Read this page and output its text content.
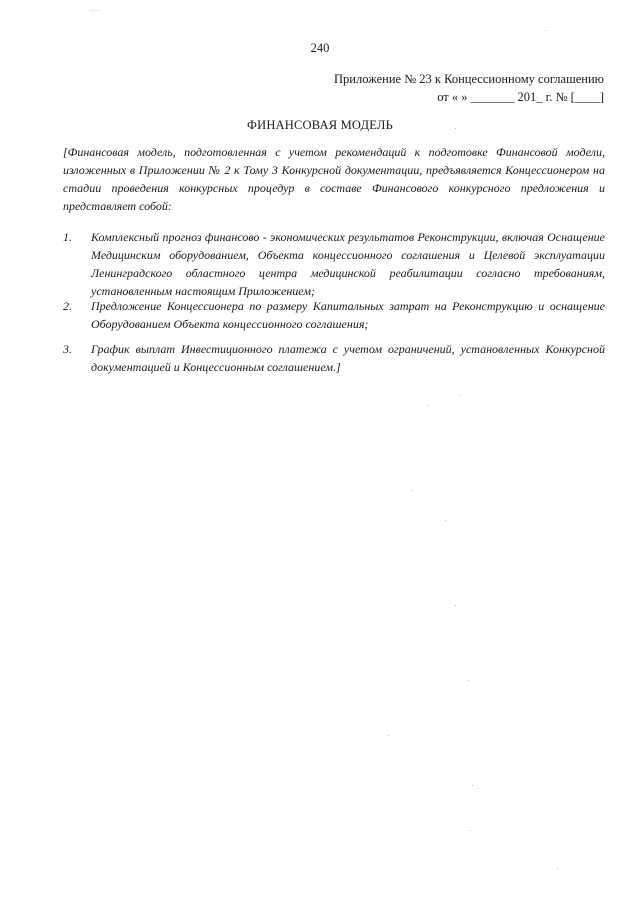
~~~~
240
Приложение № 23 к Концессионному соглашению
от « » _______ 201_ г. № [____]
ФИНАНСОВАЯ МОДЕЛЬ
[Финансовая модель, подготовленная с учетом рекомендаций к подготовке Финансовой модели, изложенных в Приложении № 2 к Тому 3 Конкурсной документации, предъявляется Концессионером на стадии проведения конкурсных процедур в составе Финансового конкурсного предложения и представляет собой:
1. Комплексный прогноз финансово - экономических результатов Реконструкции, включая Оснащение Медицинским оборудованием, Объекта концессионного соглашения и Целевой эксплуатации Ленинградского областного центра медицинской реабилитации согласно требованиям, установленным настоящим Приложением;
2. Предложение Концессионера по размеру Капитальных затрат на Реконструкцию и оснащение Оборудованием Объекта концессионного соглашения;
3. График выплат Инвестиционного платежа с учетом ограничений, установленных Конкурсной документацией и Концессионным соглашением.]
